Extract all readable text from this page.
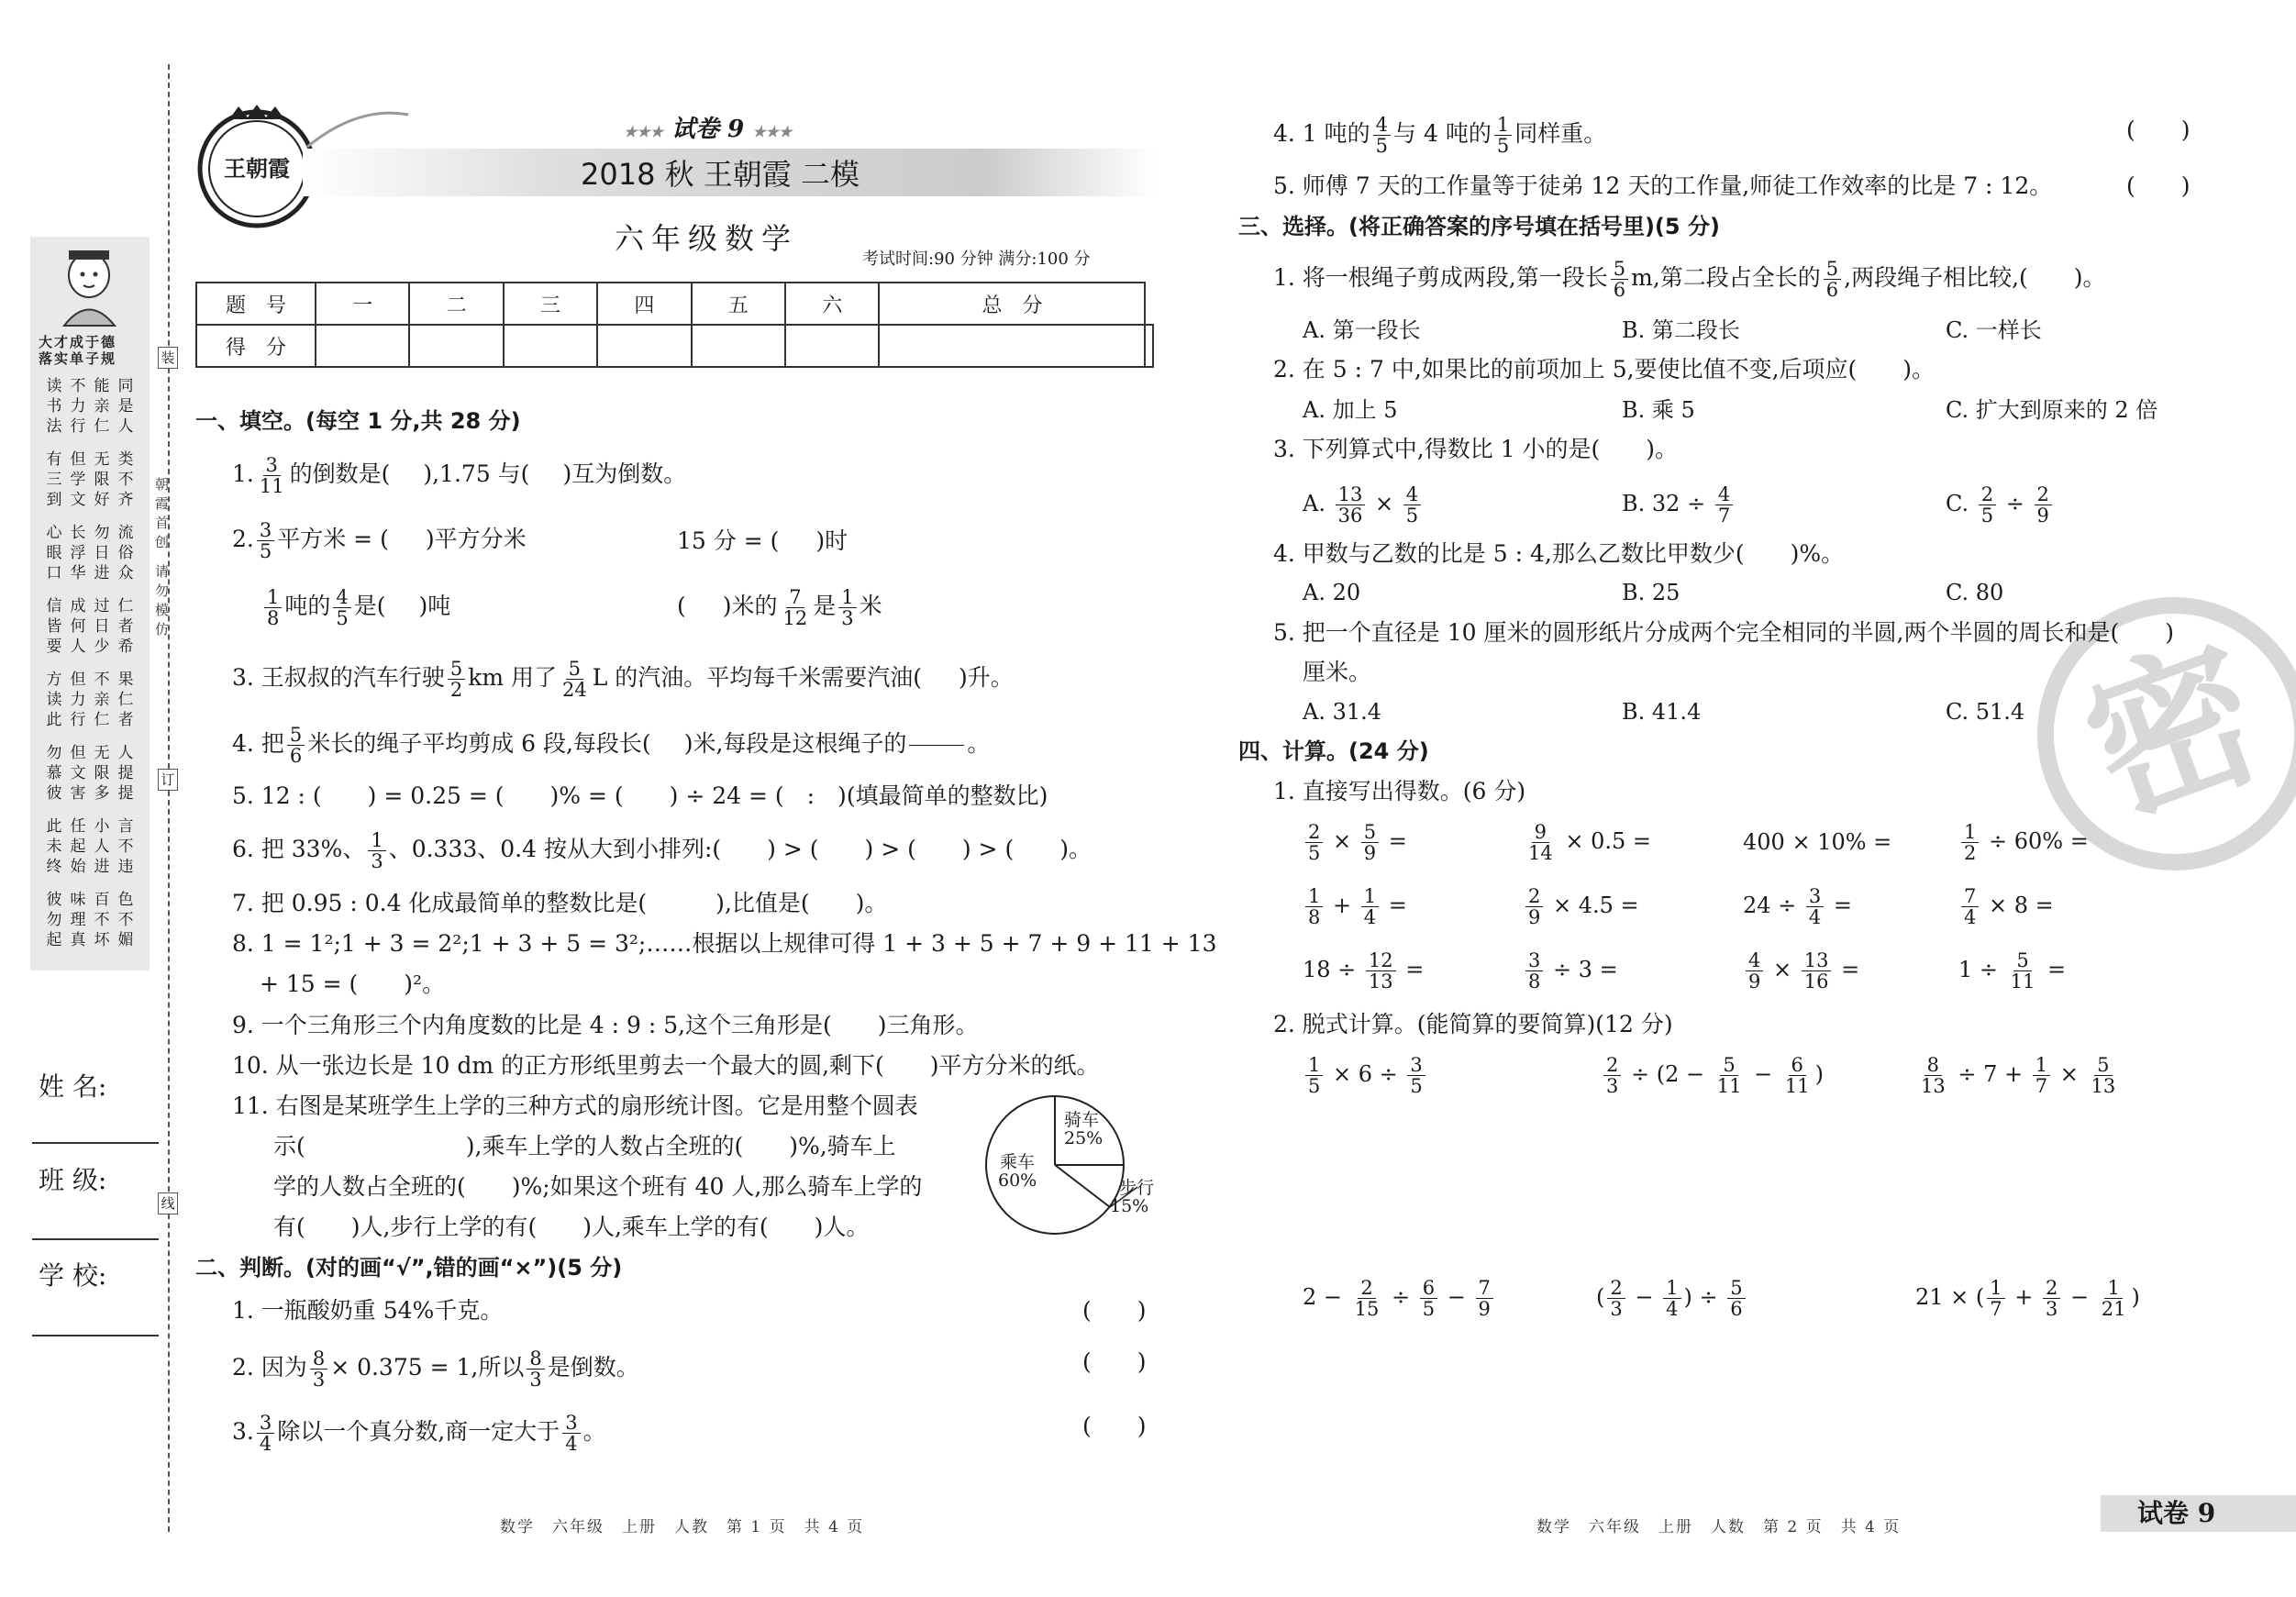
大才成于德
落实单子规
读书法
不力行
能亲仁
同是人
有三到
但学文
无限好
类不齐
心眼口
长浮华
勿日进
流俗众
信皆要
成何人
过日少
仁者希
方读此
但力行
不亲仁
果仁者
勿慕彼
但文害
无限多
人提提
此未终
任起始
小人进
言不违
彼勿起
味理真
百不坏
色不媚
朝霞首创 请勿模仿
装
订
线
姓 名:
班 级:
学 校:
王朝霞
★★★ 试卷 9 ★★★
2018 秋 王朝霞 二模
六年级数学
考试时间:90 分钟 满分:100 分
题　号	一	二	三	四	五	六	总　分	
得　分								
一、填空。(每空 1 分,共 28 分)
1. $\frac{3}{11}$ 的倒数是( ),1.75 与( )互为倒数。
2. $\frac{3}{5}$ 平方米 = ( )平方分米	15 分 = ( )时
$\frac{1}{8}$ 吨的 $\frac{4}{5}$ 是( )吨	( )米的 $\frac{7}{12}$ 是 $\frac{1}{3}$ 米
3. 王叔叔的汽车行驶 $\frac{5}{2}$ km 用了 $\frac{5}{24}$ L 的汽油。平均每千米需要汽油( )升。
4. 把 $\frac{5}{6}$ 米长的绳子平均剪成 6 段,每段长( )米,每段是这根绳子的

	。
5. 12 : (　　) = 0.25 = (　　)% = (　　) ÷ 24 = (　:　)(填最简单的整数比)
6. 把 33%、 $\frac{1}{3}$ 、0.333、0.4 按从大到小排列:(　　) > (　　) > (　　) > (　　)。
7. 把 0.95 : 0.4 化成最简单的整数比是(　　　),比值是(　　)。
8. 1 = 1²;1 + 3 = 2²;1 + 3 + 5 = 3²;……根据以上规律可得 1 + 3 + 5 + 7 + 9 + 11 + 13
+ 15 = (　　)²。
9. 一个三角形三个内角度数的比是 4 : 9 : 5,这个三角形是(　　)三角形。
10. 从一张边长是 10 dm 的正方形纸里剪去一个最大的圆,剩下(　　)平方分米的纸。
11. 右图是某班学生上学的三种方式的扇形统计图。它是用整个圆表
示(　　　　　　　),乘车上学的人数占全班的(　　)%,骑车上
学的人数占全班的(　　)%;如果这个班有 40 人,那么骑车上学的
有(　　)人,步行上学的有(　　)人,乘车上学的有(　　)人。
骑车
25%
乘车
60%	步行
15%
二、判断。(对的画“√”,错的画“×”)(5 分)
1. 一瓶酸奶重 54%千克。	(　　)
2. 因为 $\frac{8}{3} \times 0.375 = 1$,所以 $\frac{8}{3}$ 是倒数。	(　　)
3. $\frac{3}{4}$ 除以一个真分数,商一定大于 $\frac{3}{4}$ 。	(　　)
数学　六年级　上册　人教　第 1 页　共 4 页
密
4. 1 吨的 $\frac{4}{5}$ 与 4 吨的 $\frac{1}{5}$ 同样重。	(　　)
5. 师傅 7 天的工作量等于徒弟 12 天的工作量,师徒工作效率的比是 7 : 12。	(　　)
三、选择。(将正确答案的序号填在括号里)(5 分)
1. 将一根绳子剪成两段,第一段长 $\frac{5}{6} m$,第二段占全长的 $\frac{5}{6}$ ,两段绳子相比较,(　　)。
A. 第一段长	B. 第二段长	C. 一样长
2. 在 5 : 7 中,如果比的前项加上 5,要使比值不变,后项应(　　)。
A. 加上 5	B. 乘 5	C. 扩大到原来的 2 倍
3. 下列算式中,得数比 1 小的是(　　)。
A. $\frac{13}{36} \times \frac{4}{5}$	B. $32 \div \frac{4}{7}$	C. $\frac{2}{5} \div \frac{2}{9}$
4. 甲数与乙数的比是 5 : 4,那么乙数比甲数少(　　)%。
A. 20	B. 25	C. 80
5. 把一个直径是 10 厘米的圆形纸片分成两个完全相同的半圆,两个半圆的周长和是(　　)
厘米。
A. 31.4	B. 41.4	C. 51.4
四、计算。(24 分)
1. 直接写出得数。(6 分)
$\frac{2}{5} \times \frac{5}{9}$ =	$\frac{9}{14} \times 0.5$ =	400 × 10% =	$\frac{1}{2} \div 60\%$ =
$\frac{1}{8} + \frac{1}{4}$ =	$\frac{2}{9} \times 4.5$ =	$24 \div \frac{3}{4}$ =	$\frac{7}{4} \times 8$ =
$18 \div \frac{12}{13}$ =	$\frac{3}{8} \div 3$ =	$\frac{4}{9} \times \frac{13}{16}$ =	$1 \div \frac{5}{11}$ =
2. 脱式计算。(能简算的要简算)(12 分)
$\frac{1}{5} \times 6 \div \frac{3}{5}$	$\frac{2}{3} \div (2 - \frac{5}{11} - \frac{6}{11}$ )	$\frac{8}{13} \div 7 + \frac{1}{7} \times \frac{5}{13}$
$2 - \frac{2}{15} \div \frac{6}{5} - \frac{7}{9}$	( $\frac{2}{3} - \frac{1}{4}$ ) ÷ $\frac{5}{6}$	21 × ( $\frac{1}{7} + \frac{2}{3} - \frac{1}{21}$ )
数学　六年级　上册　人数　第 2 页　共 4 页	试卷 9
